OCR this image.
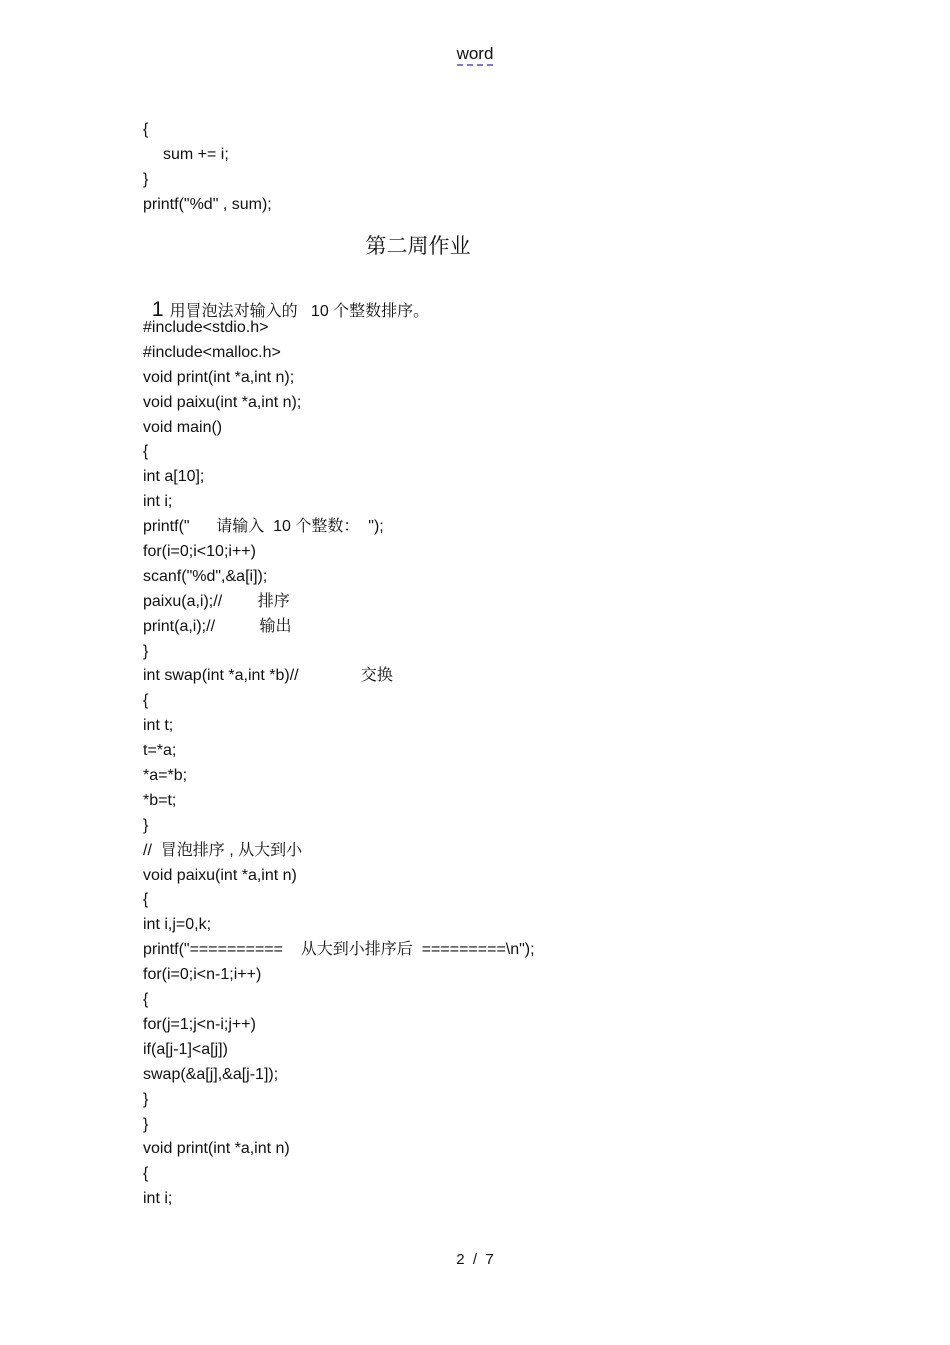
word
{
sum += i;
}
printf("%d" , sum);
第二周作业

1 用冒泡法对输入的   10 个整数排序。

#include<stdio.h>
#include<malloc.h>
void print(int *a,int n);
void paixu(int *a,int n);
void main()
{
int a[10];
int i;
printf("      请输入  10 个整数：  ");
for(i=0;i<10;i++)
scanf("%d",&a[i]);
paixu(a,i);//        排序
print(a,i);//          输出
}
int swap(int *a,int *b)//              交换
{
int t;
t=*a;
*a=*b;
*b=t;
}
//  冒泡排序 , 从大到小
void paixu(int *a,int n)
{
int i,j=0,k;
printf("==========    从大到小排序后  =========\n");
for(i=0;i<n-1;i++)
{
for(j=1;j<n-i;j++)
if(a[j-1]<a[j])
swap(&a[j],&a[j-1]);
}
}
void print(int *a,int n)
{
int i;
2  /  7
